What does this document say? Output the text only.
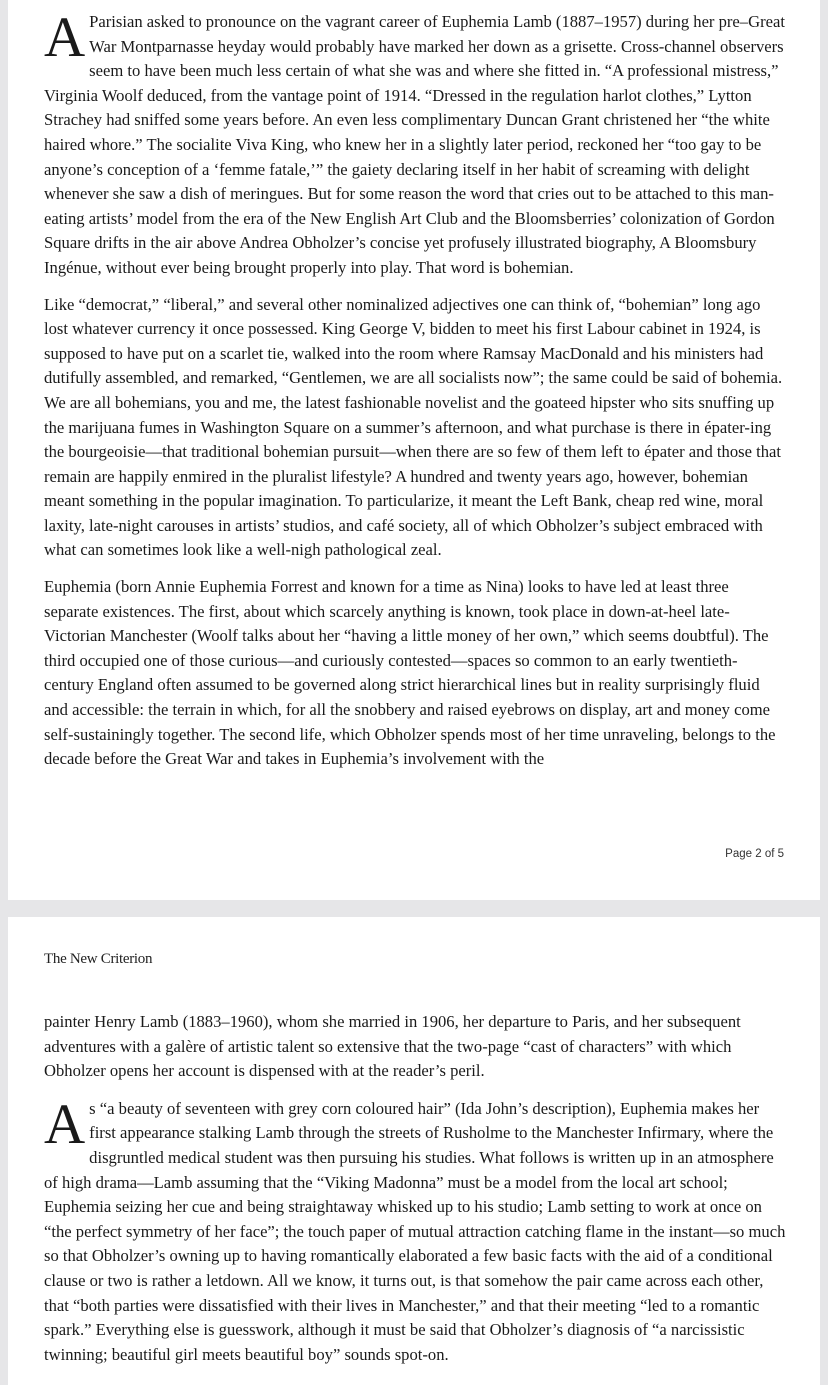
A Parisian asked to pronounce on the vagrant career of Euphemia Lamb (1887–1957) during her pre–Great War Montparnasse heyday would probably have marked her down as a grisette. Cross-channel observers seem to have been much less certain of what she was and where she fitted in. “A professional mistress,” Virginia Woolf deduced, from the vantage point of 1914. “Dressed in the regulation harlot clothes,” Lytton Strachey had sniffed some years before. An even less complimentary Duncan Grant christened her “the white haired whore.” The socialite Viva King, who knew her in a slightly later period, reckoned her “too gay to be anyone’s conception of a ‘femme fatale,’” the gaiety declaring itself in her habit of screaming with delight whenever she saw a dish of meringues. But for some reason the word that cries out to be attached to this man-eating artists’ model from the era of the New English Art Club and the Bloomsberries’ colonization of Gordon Square drifts in the air above Andrea Obholzer’s concise yet profusely illustrated biography, A Bloomsbury Ingénue, without ever being brought properly into play. That word is bohemian.

Like “democrat,” “liberal,” and several other nominalized adjectives one can think of, “bohemian” long ago lost whatever currency it once possessed. King George V, bidden to meet his first Labour cabinet in 1924, is supposed to have put on a scarlet tie, walked into the room where Ramsay MacDonald and his ministers had dutifully assembled, and remarked, “Gentlemen, we are all socialists now”; the same could be said of bohemia. We are all bohemians, you and me, the latest fashionable novelist and the goateed hipster who sits snuffing up the marijuana fumes in Washington Square on a summer’s afternoon, and what purchase is there in épater-ing the bourgeoisie—that traditional bohemian pursuit—when there are so few of them left to épater and those that remain are happily enmired in the pluralist lifestyle? A hundred and twenty years ago, however, bohemian meant something in the popular imagination. To particularize, it meant the Left Bank, cheap red wine, moral laxity, late-night carouses in artists’ studios, and café society, all of which Obholzer’s subject embraced with what can sometimes look like a well-nigh pathological zeal.

Euphemia (born Annie Euphemia Forrest and known for a time as Nina) looks to have led at least three separate existences. The first, about which scarcely anything is known, took place in down-at-heel late-Victorian Manchester (Woolf talks about her “having a little money of her own,” which seems doubtful). The third occupied one of those curious—and curiously contested—spaces so common to an early twentieth-century England often assumed to be governed along strict hierarchical lines but in reality surprisingly fluid and accessible: the terrain in which, for all the snobbery and raised eyebrows on display, art and money come self-sustainingly together. The second life, which Obholzer spends most of her time unraveling, belongs to the decade before the Great War and takes in Euphemia’s involvement with the

Page 2 of 5
The New Criterion

painter Henry Lamb (1883–1960), whom she married in 1906, her departure to Paris, and her subsequent adventures with a galère of artistic talent so extensive that the two-page “cast of characters” with which Obholzer opens her account is dispensed with at the reader’s peril.

As “a beauty of seventeen with grey corn coloured hair” (Ida John’s description), Euphemia makes her first appearance stalking Lamb through the streets of Rusholme to the Manchester Infirmary, where the disgruntled medical student was then pursuing his studies. What follows is written up in an atmosphere of high drama—Lamb assuming that the “Viking Madonna” must be a model from the local art school; Euphemia seizing her cue and being straightaway whisked up to his studio; Lamb setting to work at once on “the perfect symmetry of her face”; the touch paper of mutual attraction catching flame in the instant—so much so that Obholzer’s owning up to having romantically elaborated a few basic facts with the aid of a conditional clause or two is rather a letdown. All we know, it turns out, is that somehow the pair came across each other, that “both parties were dissatisfied with their lives in Manchester,” and that their meeting “led to a romantic spark.” Everything else is guesswork, although it must be said that Obholzer’s diagnosis of “a narcissistic twinning; beautiful girl meets beautiful boy” sounds spot-on.
